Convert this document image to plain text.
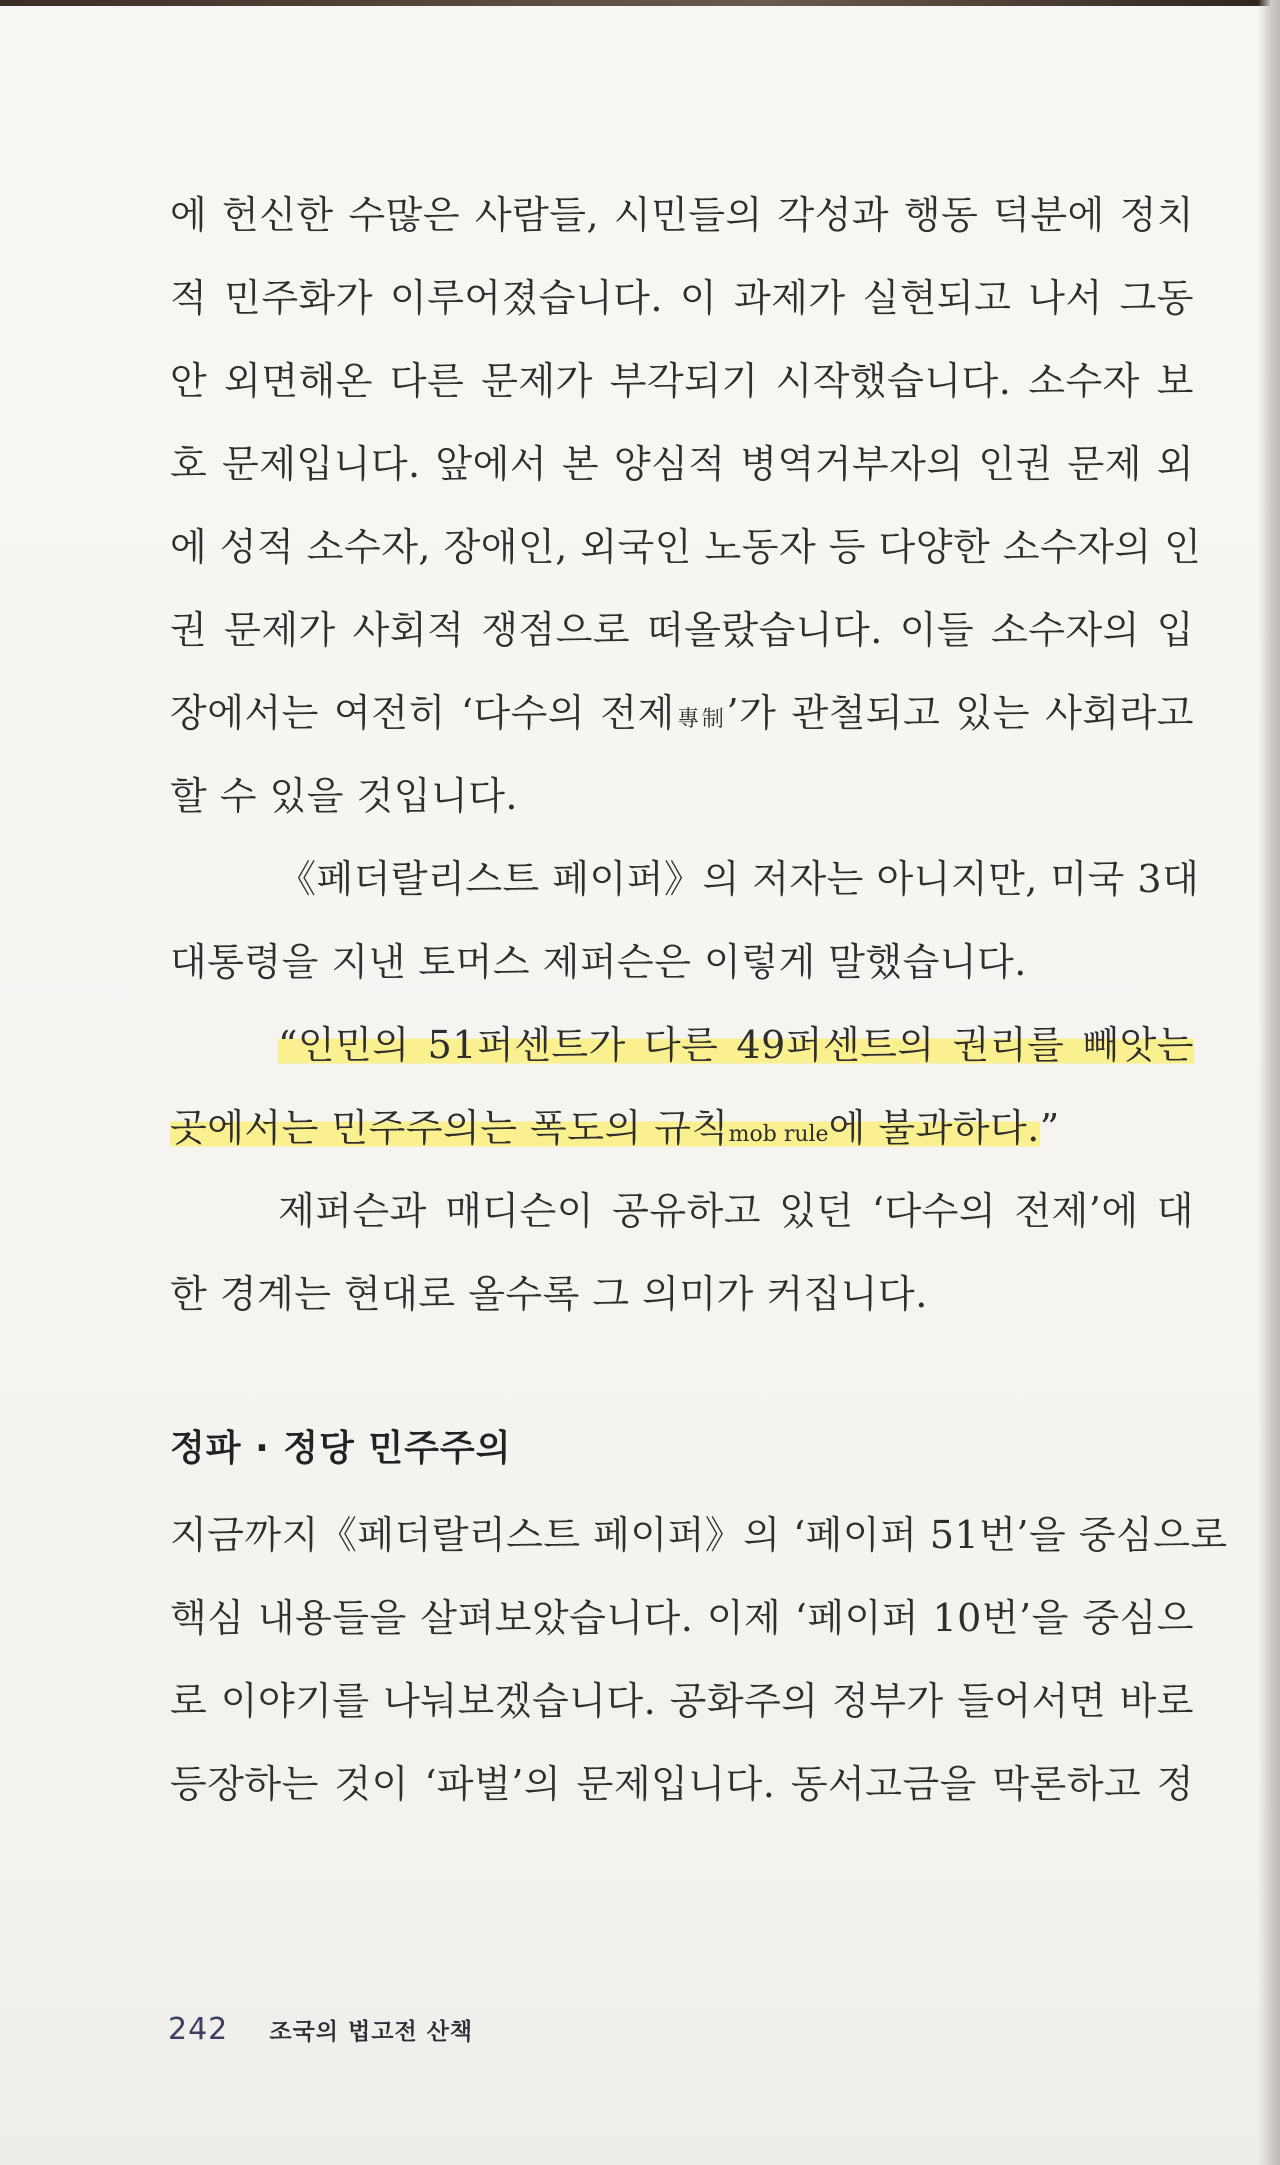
에 헌신한 수많은 사람들, 시민들의 각성과 행동 덕분에 정치
적 민주화가 이루어졌습니다. 이 과제가 실현되고 나서 그동
안 외면해온 다른 문제가 부각되기 시작했습니다. 소수자 보
호 문제입니다. 앞에서 본 양심적 병역거부자의 인권 문제 외
에 성적 소수자, 장애인, 외국인 노동자 등 다양한 소수자의 인
권 문제가 사회적 쟁점으로 떠올랐습니다. 이들 소수자의 입
장에서는 여전히 ‘다수의 전제專制’가 관철되고 있는 사회라고
할 수 있을 것입니다.
《페더랄리스트 페이퍼》의 저자는 아니지만, 미국 3대
대통령을 지낸 토머스 제퍼슨은 이렇게 말했습니다.
“인민의 51퍼센트가 다른 49퍼센트의 권리를 빼앗는
곳에서는 민주주의는 폭도의 규칙mob rule에 불과하다.”
제퍼슨과 매디슨이 공유하고 있던 ‘다수의 전제’에 대
한 경계는 현대로 올수록 그 의미가 커집니다.
정파 · 정당 민주주의
지금까지《페더랄리스트 페이퍼》의 ‘페이퍼 51번’을 중심으로
핵심 내용들을 살펴보았습니다. 이제 ‘페이퍼 10번’을 중심으
로 이야기를 나눠보겠습니다. 공화주의 정부가 들어서면 바로
등장하는 것이 ‘파벌’의 문제입니다. 동서고금을 막론하고 정
242 조국의 법고전 산책
